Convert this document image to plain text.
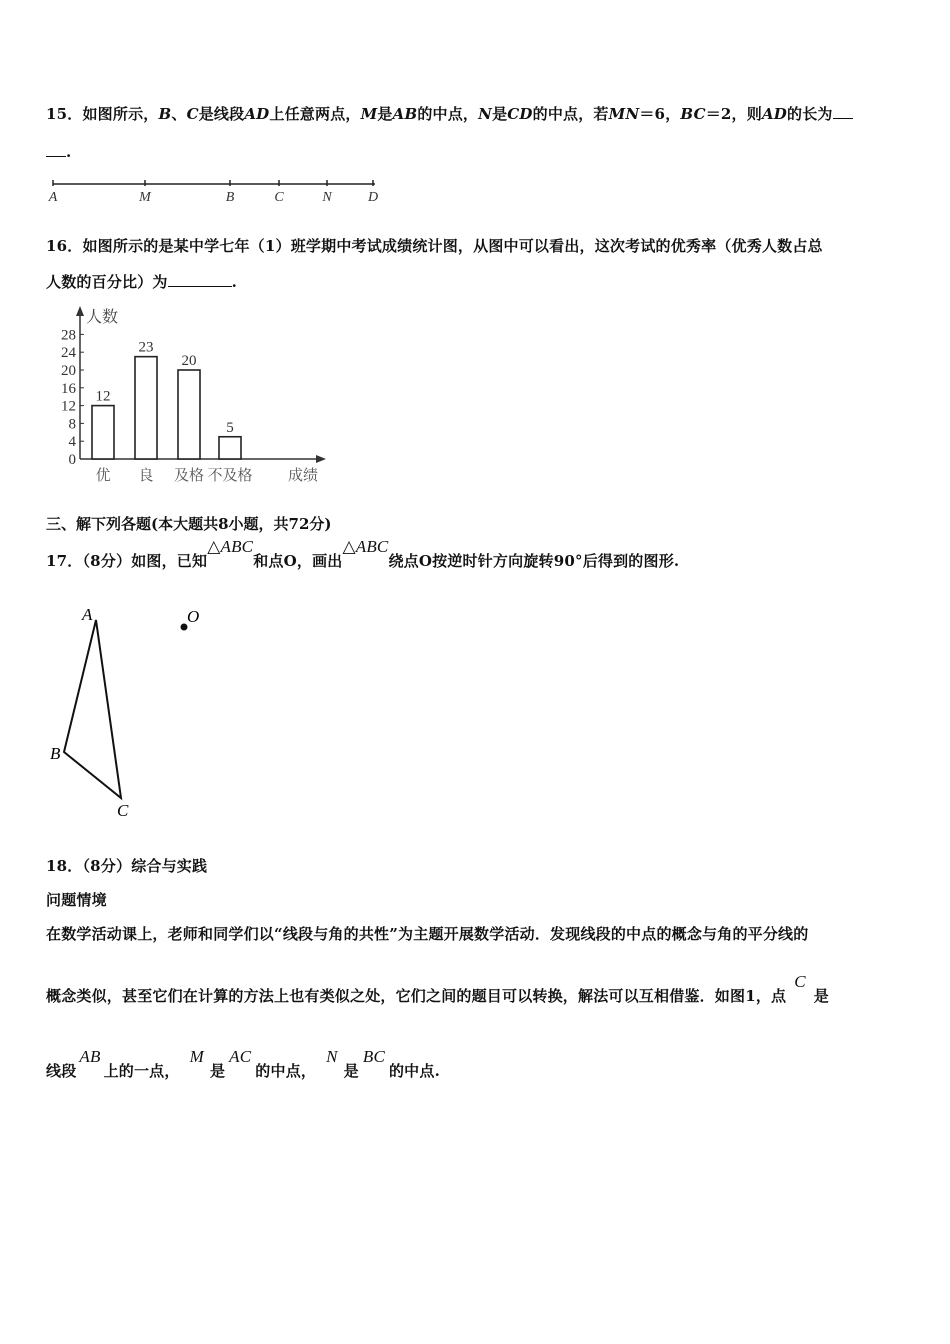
15．如图所示，B、C是线段AD上任意两点，M是AB的中点，N是CD的中点，若MN＝6，BC＝2，则AD的长为
.
A	M	B	C	N	D
16．如图所示的是某中学七年（1）班学期中考试成绩统计图，从图中可以看出，这次考试的优秀率（优秀人数占总
人数的百分比）为	.
人数
0
4
8
12
16
20
24
28
12
优
23
良
20
及格
5
不及格 成绩
三、解下列各题(本大题共8小题，共72分)
17．（8分）如图，已知△ABC和点O，画出△ABC绕点O按逆时针方向旋转90°后得到的图形.
A
B
C
O
18．（8分）综合与实践
问题情境
在数学活动课上，老师和同学们以“线段与角的共性”为主题开展数学活动．发现线段的中点的概念与角的平分线的
概念类似，甚至它们在计算的方法上也有类似之处，它们之间的题目可以转换，解法可以互相借鉴．如图1，点C是
线段AB上的一点，M是AC的中点，N是BC的中点.
